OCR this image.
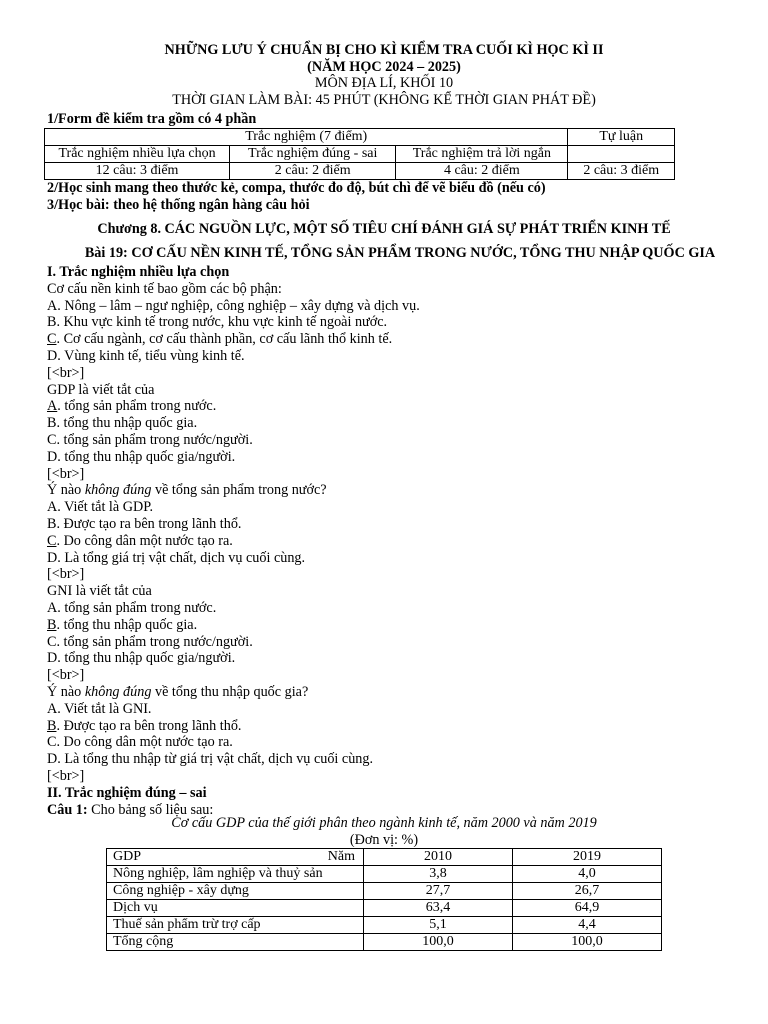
NHỮNG LƯU Ý CHUẨN BỊ CHO KÌ KIỂM TRA CUỐI KÌ HỌC KÌ II
(NĂM HỌC 2024 – 2025)
MÔN ĐỊA LÍ, KHỐI 10
THỜI GIAN LÀM BÀI: 45 PHÚT (KHÔNG KỂ THỜI GIAN PHÁT ĐỀ)
1/Form đề kiểm tra gồm có 4 phần
Trắc nghiệm (7 điểm)			Tự luận
Trắc nghiệm nhiều lựa chọn	Trắc nghiệm đúng - sai	Trắc nghiệm trả lời ngắn	
12 câu: 3 điểm	2 câu: 2 điểm	4 câu: 2 điểm	2 câu: 3 điểm
2/Học sinh mang theo thước kẻ, compa, thước đo độ, bút chì để vẽ biểu đồ (nếu có)
3/Học bài: theo hệ thống ngân hàng câu hỏi
Chương 8. CÁC NGUỒN LỰC, MỘT SỐ TIÊU CHÍ ĐÁNH GIÁ SỰ PHÁT TRIỂN KINH TẾ
Bài 19: CƠ CẤU NỀN KINH TẾ, TỔNG SẢN PHẨM TRONG NƯỚC, TỔNG THU NHẬP QUỐC GIA
I. Trắc nghiệm nhiều lựa chọn
Cơ cấu nền kinh tế bao gồm các bộ phận:
A. Nông – lâm – ngư nghiệp, công nghiệp – xây dựng và dịch vụ.
B. Khu vực kinh tế trong nước, khu vực kinh tế ngoài nước.
C. Cơ cấu ngành, cơ cấu thành phần, cơ cấu lãnh thổ kinh tế.
D. Vùng kinh tế, tiểu vùng kinh tế.
[<br>]
GDP là viết tắt của
A. tổng sản phẩm trong nước.
B. tổng thu nhập quốc gia.
C. tổng sản phẩm trong nước/người.
D. tổng thu nhập quốc gia/người.
[<br>]
Ý nào không đúng về tổng sản phẩm trong nước?
A. Viết tắt là GDP.
B. Được tạo ra bên trong lãnh thổ.
C. Do công dân một nước tạo ra.
D. Là tổng giá trị vật chất, dịch vụ cuối cùng.
[<br>]
GNI là viết tắt của
A. tổng sản phẩm trong nước.
B. tổng thu nhập quốc gia.
C. tổng sản phẩm trong nước/người.
D. tổng thu nhập quốc gia/người.
[<br>]
Ý nào không đúng về tổng thu nhập quốc gia?
A. Viết tắt là GNI.
B. Được tạo ra bên trong lãnh thổ.
C. Do công dân một nước tạo ra.
D. Là tổng thu nhập từ giá trị vật chất, dịch vụ cuối cùng.
[<br>]
II. Trắc nghiệm đúng – sai
Câu 1: Cho bảng số liệu sau:
Cơ cấu GDP của thế giới phân theo ngành kinh tế, năm 2000 và năm 2019
(Đơn vị: %)
GDP Năm	2010	2019
Nông nghiệp, lâm nghiệp và thuỷ sản	3,8	4,0
Công nghiệp - xây dựng	27,7	26,7
Dịch vụ	63,4	64,9
Thuế sản phẩm trừ trợ cấp	5,1	4,4
Tổng cộng	100,0	100,0
